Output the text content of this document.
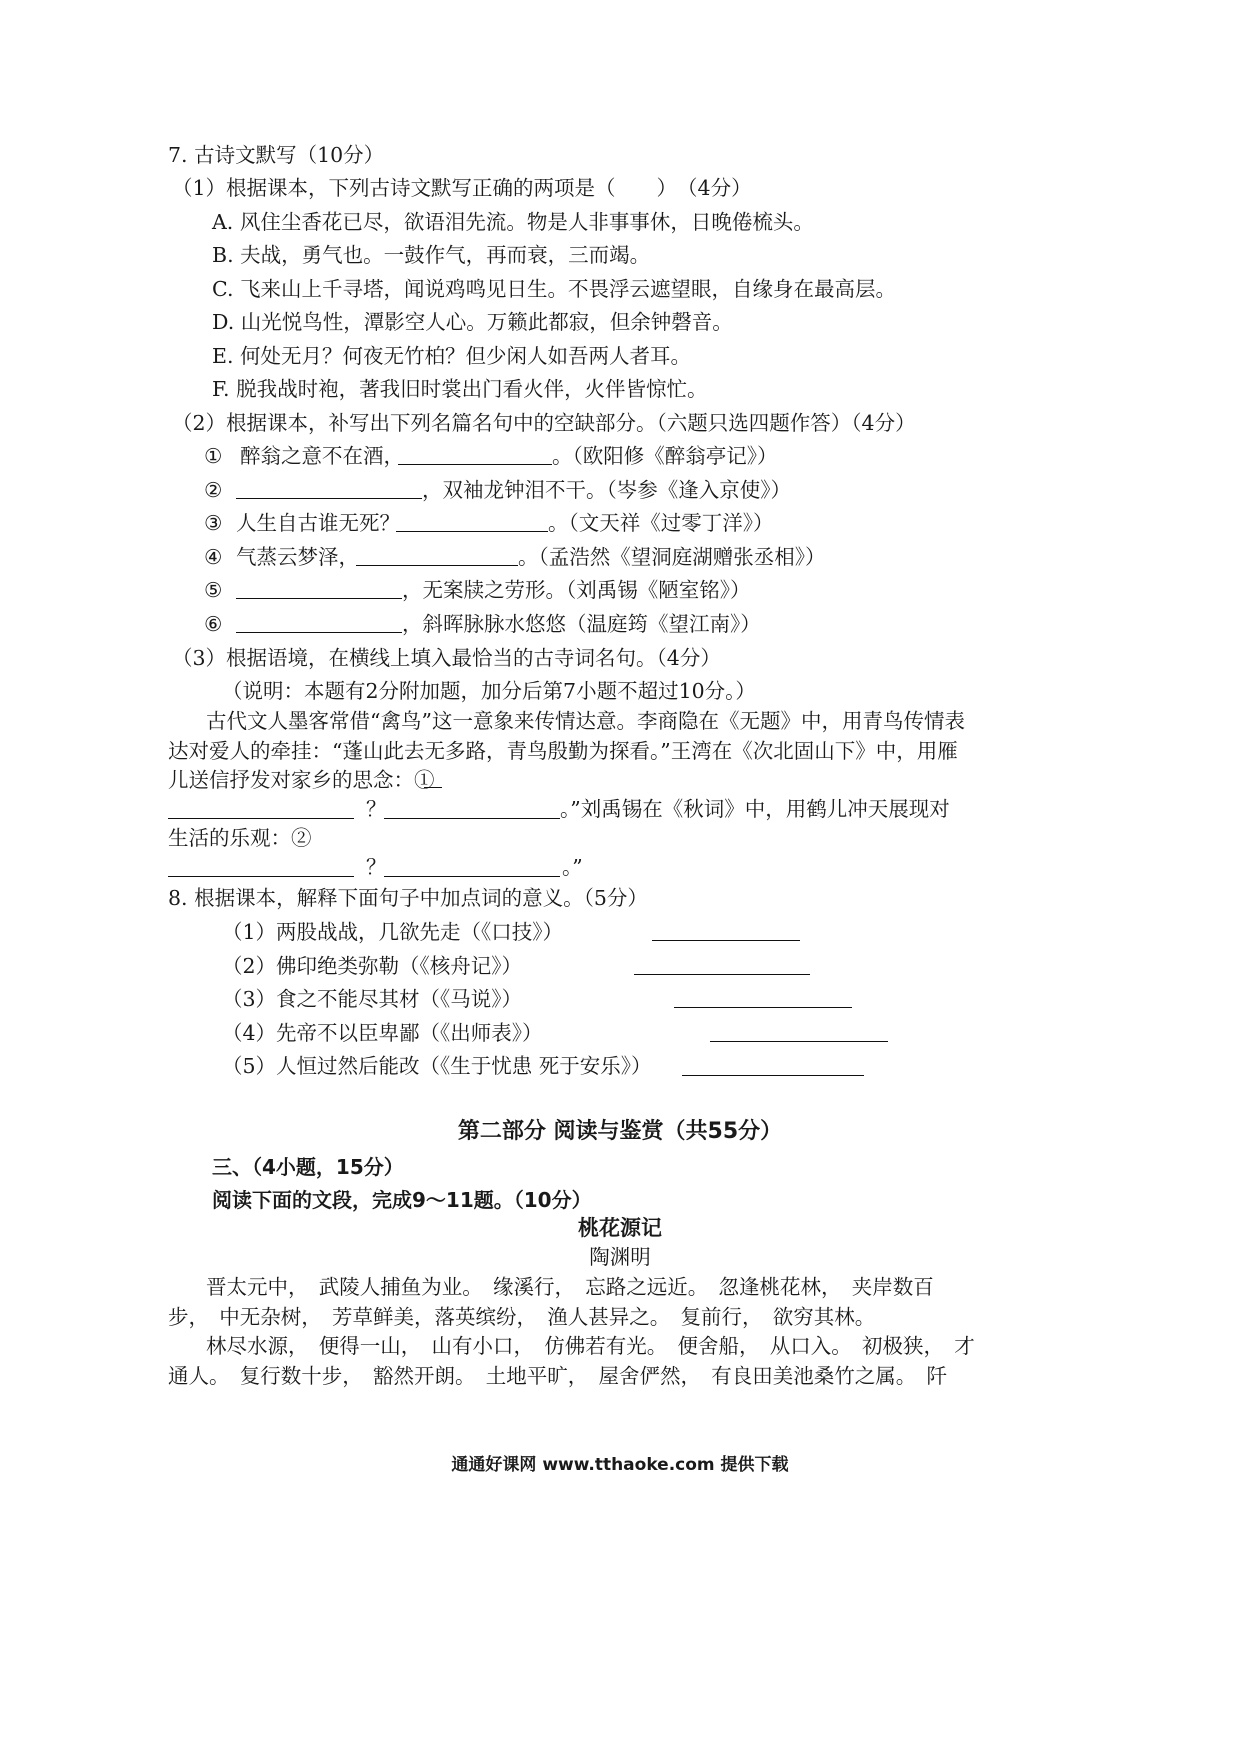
7. 古诗文默写（10分）
（1）根据课本，下列古诗文默写正确的两项是（　　）　（4分）
A. 风住尘香花已尽，欲语泪先流。物是人非事事休，日晚倦梳头。
B. 夫战，勇气也。一鼓作气，再而衰，三而竭。
C. 飞来山上千寻塔，闻说鸡鸣见日生。不畏浮云遮望眼，自缘身在最高层。
D. 山光悦鸟性，潭影空人心。万籁此都寂，但余钟磬音。
E. 何处无月？何夜无竹柏？但少闲人如吾两人者耳。
F. 脱我战时袍，著我旧时裳出门看火伴，火伴皆惊忙。
（2）根据课本，补写出下列名篇名句中的空缺部分。（六题只选四题作答）（4分）
① 醉翁之意不在酒，	。（欧阳修《醉翁亭记》）
②	，双袖龙钟泪不干。（岑参《逢入京使》）
③ 人生自古谁无死？	。（文天祥《过零丁洋》）
④ 气蒸云梦泽，	。（孟浩然《望洞庭湖赠张丞相》）
⑤	，无案牍之劳形。（刘禹锡《陋室铭》）
⑥	，斜晖脉脉水悠悠（温庭筠《望江南》）
（3）根据语境，在横线上填入最恰当的古寺词名句。（4分）
（说明：本题有2分附加题，加分后第7小题不超过10分。）
古代文人墨客常借“禽鸟”这一意象来传情达意。李商隐在《无题》中，用青鸟传情表
达对爱人的牵挂：“蓬山此去无多路，青鸟殷勤为探看。”王湾在《次北固山下》中，用雁
儿送信抒发对家乡的思念：①
？	。”刘禹锡在《秋词》中，用鹤儿冲天展现对
生活的乐观：②
？	。”
8. 根据课本，解释下面句子中加点词的意义。（5分）
（1）两股战战，几欲先走（《口技》）
（2）佛印绝类弥勒（《核舟记》）
（3）食之不能尽其材（《马说》）
（4）先帝不以臣卑鄙（《出师表》）
（5）人恒过然后能改（《生于忧患 死于安乐》）
第二部分 阅读与鉴赏（共55分）
三、（4小题，15分）
阅读下面的文段，完成9～11题。（10分）
桃花源记
陶渊明
晋太元中，　武陵人捕鱼为业。　缘溪行，　忘路之远近。　忽逢桃花林，　夹岸数百
步，　中无杂树，　芳草鲜美，落英缤纷，　渔人甚异之。　复前行，　欲穷其林。
林尽水源，　便得一山，　山有小口，　仿佛若有光。　便舍船，　从口入。　初极狭，　才
通人。　复行数十步，　豁然开朗。　土地平旷，　屋舍俨然，　有良田美池桑竹之属。　阡
通通好课网 www.tthaoke.com 提供下载
